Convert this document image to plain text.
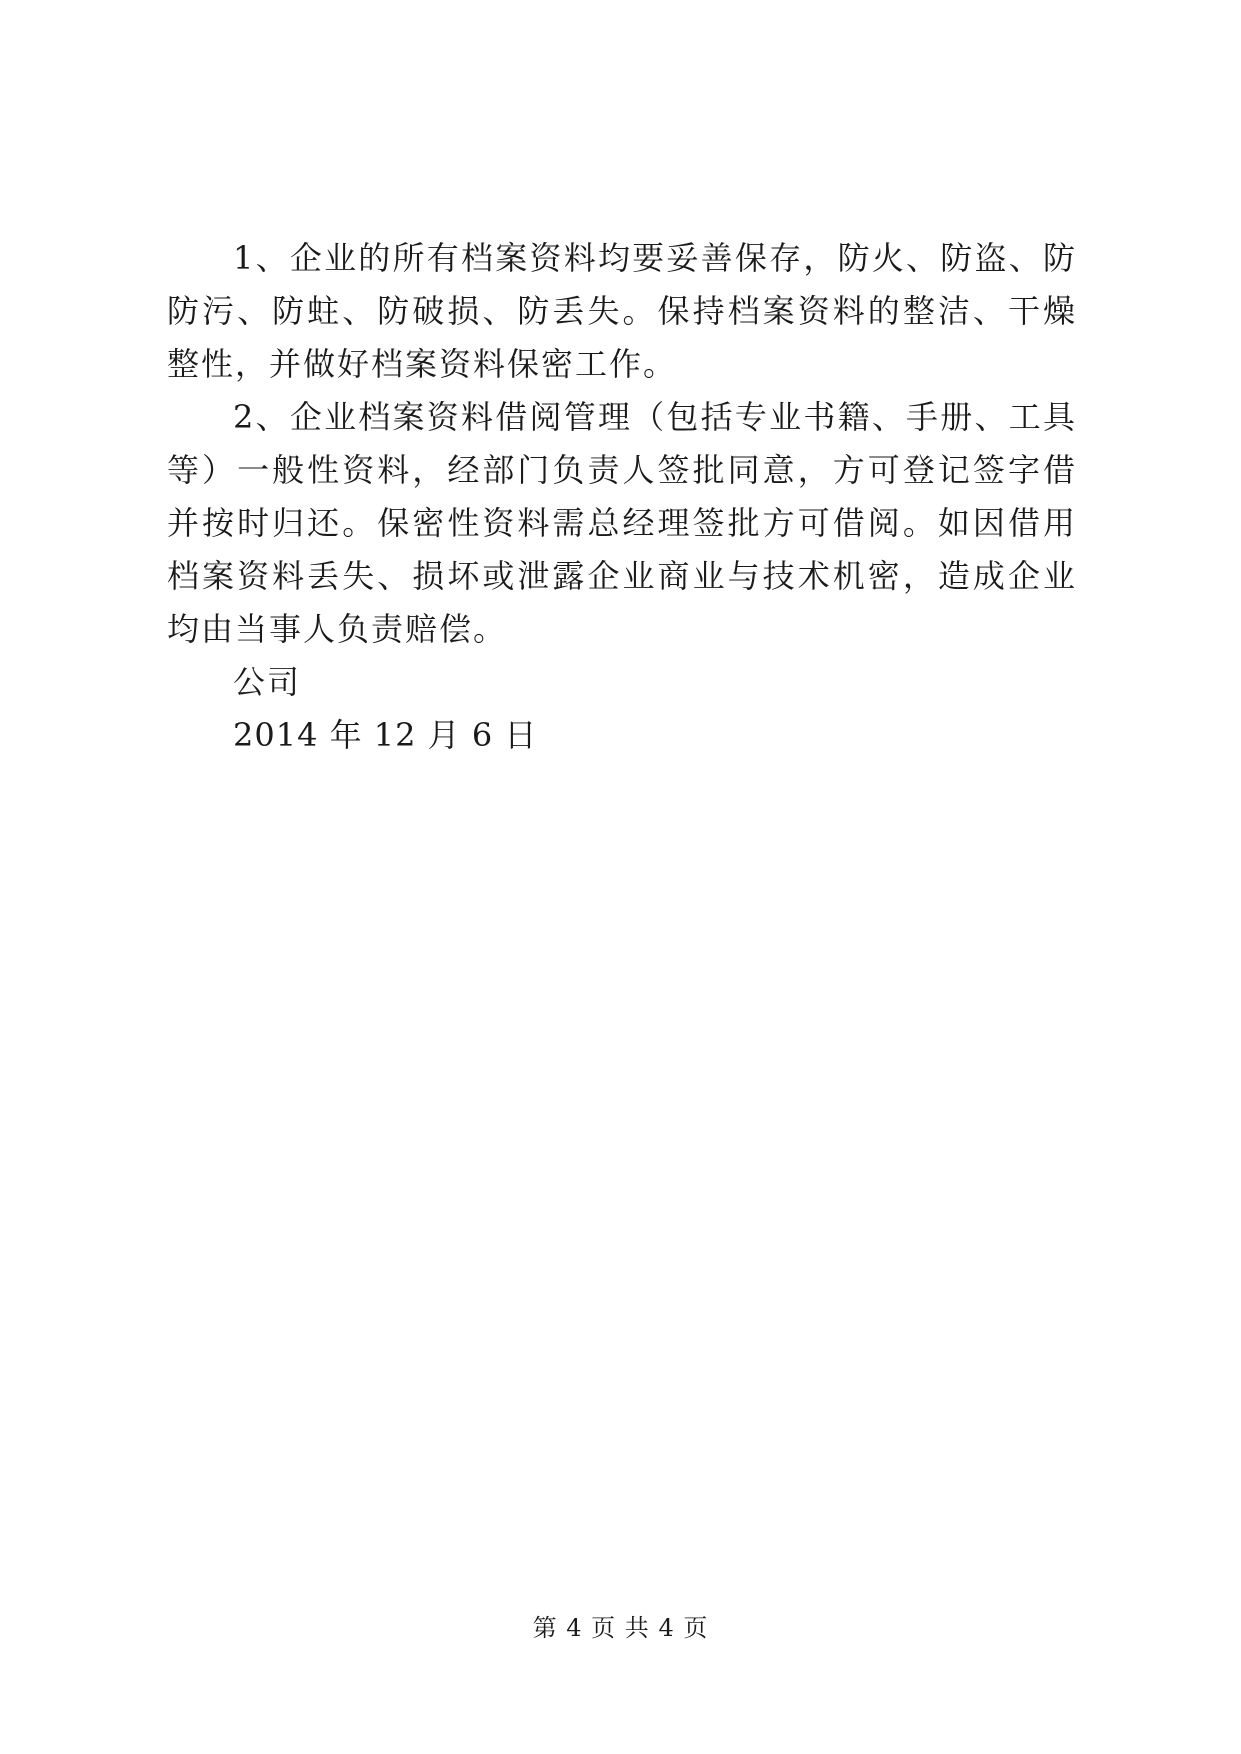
1、企业的所有档案资料均要妥善保存，防火、防盗、防
防污、防蛀、防破损、防丢失。保持档案资料的整洁、干燥
整性，并做好档案资料保密工作。
2、企业档案资料借阅管理（包括专业书籍、手册、工具
等）一般性资料，经部门负责人签批同意，方可登记签字借
并按时归还。保密性资料需总经理签批方可借阅。如因借用
档案资料丢失、损坏或泄露企业商业与技术机密，造成企业
均由当事人负责赔偿。
公司
2014 年 12 月 6 日
第 4 页 共 4 页
